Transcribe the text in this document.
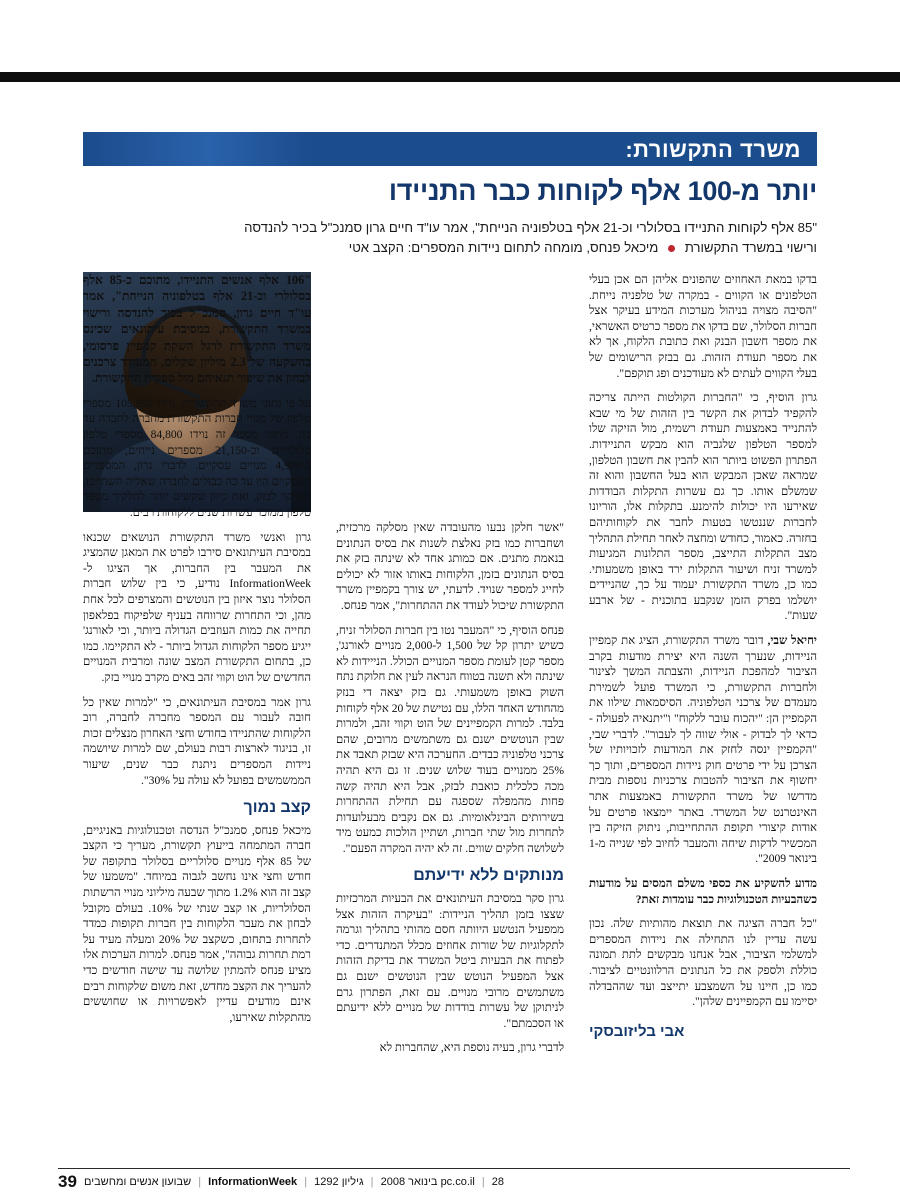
משרד התקשורת:
יותר מ-100 אלף לקוחות כבר התניידו
"85 אלף לקוחות התניידו בסלולרי וכ-21 אלף בטלפוניה הנייחת", אמר עו"ד חיים גרון סמנכ"ל בכיר להנדסה
ורישוי במשרד התקשורת  מיכאל פנחס, מומחה לתחום ניידות המספרים: הקצב אטי

בדקו במאת האחוזים שהפונים אליהן הם אכן בעלי הטלפונים או הקווים - במקרה של טלפניה נייחת. "הסיבה מצויה בניהול מערכות המידע בעיקר אצל חברות הסלולר, שם בדקו את מספר כרטיס האשראי, את מספר חשבון הבנק ואת כתובת הלקוח, אך לא את מספר תעודת הזהות. גם בבזק הרישומים של בעלי הקווים לעתים לא מעודכנים ופג תוקפם".

גרון הוסיף, כי "החברות הקולטות הייתה צריכה להקפיד לבדוק את הקשר בין הזהות של מי שבא להתנייד באמצעות תעודת רשמית, מול הזיקה שלו למספר הטלפון שלגביה הוא מבקש התניידות. הפתרון הפשוט ביותר הוא להבין את חשבון הטלפון, שמראה שאכן המבקש הוא בעל החשבון והוא זה שמשלם אותו. כך גם עשרות התקלות הבודדות שאירעו היו יכולות להימנע. בתקלות אלו, הוריונו לחברות שננטשו בטעות לחבר את לקוחותיהם בחזרה. כאמור, כחודש ומחצה לאחר תחילת התהליך מצב התקלות התייצב, מספר התלונות המגיעות למשרד זניח ושיעור התקלות ירד באופן משמעותי. כמו כן, משרד התקשורת יעמוד על כך, שהניידים יושלמו בפרק הזמן שנקבע בתוכנית - של ארבע שעות".

יחיאל שבי, דובר משרד התקשורת, הציג את קמפיין הניידות, שנערך השנה היא יצירת מודעות בקרב הציבור למהפכת הניידות, והצבתה המשך לצינור ולחברות התקשורת, כי המשרד פועל לשמירת מעמדם של צרכני הטלפוניה. הסיסמאות שילוו את הקמפיין הן: "יהכוח עובר ללקוח" ו"יתנאיה לפעולה - כדאי לך לבדוק - אולי שווה לך לעבור". לדברי שבי, "הקמפיין ינסה לחזק את המודעות לזכויותיו של הצרכן על ידי פרטים חוק ניידות המספרים, ותוך כך יחשוף את הציבור להטבות צרכניות נוספות מבית מדרשו של משרד התקשורת באמצעות אתר האינטרנט של המשרד. באתר יימצאו פרטים על אודות קיצורי תקופת ההתחייבות, ניתוק הזיקה בין המכשיר לדקות שיחה והמעבר לחיוב לפי שנייה מ-1 בינואר 2009".

מדוע להשקיע את כספי משלם המסים על מודעות כשהבעיות הטכנולוגיות כבר עומדות זאת?

"כל חברה הציגה את תוצאת מהותיות שלה. נכון עשה עדיין לנו התחילה את ניידות המספרים למשלמי הציבור, אבל אנחנו מבקשים לתת תמונה כוללת ולספק את כל הנתונים הרלוונטיים לציבור. כמו כן, חיינו על השמצבע יתייצב ועד שההבדלה יסיימו עם הקמפיינים שלהן".

אבי בליזובסקי

"אשר חלקן נבעו מהעובדה שאין מסלקה מרכזית, ושחברות כמו בזק נאלצת לשנות את בסיס הנתונים בנאמת מתנים. אם כמותג אחד לא שינתה בזק את בסיס הנתונים בזמן, הלקוחות באותו אזור לא יכולים לחייג למספר שנויד. לדעתי, יש צורך בקמפיין משרד התקשורת שיכול לעודד את ההתחרות", אמר פנחס.

פנחס הוסיף, כי "המעבר נטו בין חברות הסלולר זניח, כשיש יתרון קל של 1,500 ל-2,000 מנויים לאורנג', מספר קטן לעומת מספר המנויים הכולל. הנייידות לא שינתה ולא תשנה בטווח הנראה לעין את חלוקת נתח השוק באופן משמעותי. גם בזק יצאה די בנזק מהחודש האחד הללו, עם נטישת של 20 אלף לקוחות בלבד. למרות הקמפיינים של הוט וקווי זהב, ולמרות שבין הנוטשים ישנם גם משתמשים מרובים, שהם צרכני טלפוניה כבדים. החערכה היא שבזק תאבד את 25% ממנויים בעוד שלוש שנים. זו גם היא תהיה מכה כלכלית כואבת לבזק, אבל היא תהיה קשה פחות מהמפלה שספגה עם תחילת ההתחרות בשירותים הבינלאומיות. גם אם נקבים מבעלועדות לתחרות מול שתי חברות, ושתיין הולכות כמעט מיד לשלושה חלקים שווים. זה לא יהיה המקרה הפעם".

מנותקים ללא ידיעתם

גרון סקר במסיבת העיתונאים את הבעיות המרכזיות שצצו בזמן תהליך הניידות: "בעיקרה הזהות אצל ממפעיל הנטשע היוותה חסם מהותי בתהליך וגרמה לתקלוגיות של שורות אחוזים מכלל המתנדרים. כדי לפתוח את הבעיות ביטל המשרד את בדיקת הזהות אצל המפעיל הנוטש שבין הנוטשים ישנם גם משתמשים מרובי מנויים. עם זאת, הפתרון גרם לניתוקן של עשרות בודדות של מנויים ללא ידיעתם או הסכמתם".

לדברי גרון, בעיה נוספת היא, שהחברות לא

"106 אלף אנשים התניידו, מתוכם כ-85 אלף בסלולרי וכ-21 אלף בטלפוניה הנייחת", אמר עו"ד חיים גרון, סמנכ"ל בכיר להנדסה ורישוי במשרד התקשורת, במסיבת עיתונאים שכינס משרד התקשורת לרגל השקת קמפיין פרסומי, בהשקעה של 2.3 מיליון שקלים, המעודד צרכנים לבחון את שיפור תנאיהם מול ספקית התקשורת.

על פי נתוני משרד התקשורת, נוידו 105,950 מספרי טלפון של מנויי חברות התקשורת מחברה לחברה עד כה. מתוך מספר זה נוידו 84,800 מספרי טלפון סלולריים וכ-21,150 מספרים נייחים, מתוכם כ-4,900 מנויים עסקיים. לדברי גרון, המספרים העסקיים היו עד כה כבולים לחברה שאליה השתייכו, ובעיקר לבזק, ואת כיוון שקשים יותר לחלקיך מספר טלפון ממוכר עשרות שנים ללקוחות רבים.

גרון ואנשי משרד התקשורת הנושאים שכנאו במסיבת העיתונאים סירבו לפרט את המאגן שהמציג את המעבר בין החברות, אך הציגו ל-InformationWeek נודיע, כי בין שלוש חברות הסלולר נוצר איזון בין הנוטשים והמצרפים לכל אחת מהן, וכי התחרות שרווחה בעניף שלפיקוח בפלאפון תחייה את כמות העוזבים הגדולה ביותר, וכי לאורנג' ייגיע מספר הלקוחות הגדול ביותר - לא התקיימו. כמו כן, בתחום התקשורת המצב שונה ומרבית המנויים החדשים של הוט וקווי זהב באים מקרב מנויי בזק.

גרון אמר במסיבת העיתונאים, כי "למרות שאין כל חובה לעבור עם המספר מחברה לחברה, רוב הלקוחות שהתניידו בחודש וחצי האחרון מנצלים זכות זו, בניגוד לארצות רבות בעולם, שם למרות שיושמה ניידות המספרים ניתנת כבר שנים, שיעור הממשמשים בפועל לא עולה על 30%".

קצב נמוך

מיכאל פנחס, סמנכ"ל הנדסה וטכנולוגיות באניגיים, חברה המתמחה בייעוץ תקשורת, מעריך כי הקצב של 85 אלף מנויים סלולריים בסלולר בתקופה של חודש וחצי אינו נחשב לגבוה במיוחד. "משמעו של קצב זה הוא 1.2% מתוך שבעה מיליוני מנויי הרשתות הסלולריות, או קצב שנתי של 10%. בעולם מקובל לבחון את מעבר הלקוחות בין חברות תקופות כמדד לתחרות בתחום, כשקצב של 20% ומעלה מעיד על רמת תחרות גבוהה", אמר פנחס. למרות הערכות אלו מציע פנחס להמתין שלושה עד שישה חודשים כדי להעריך את הקצב מחדש, זאת משום שלקוחות רבים אינם מודעים עדיין לאפשרויות או שחוששים מהתקלות שאירעו,

39	pc.co.il | 28 בינואר 2008 | גיליון 1292 | InformationWeek | שבועון אנשים ומחשבים
